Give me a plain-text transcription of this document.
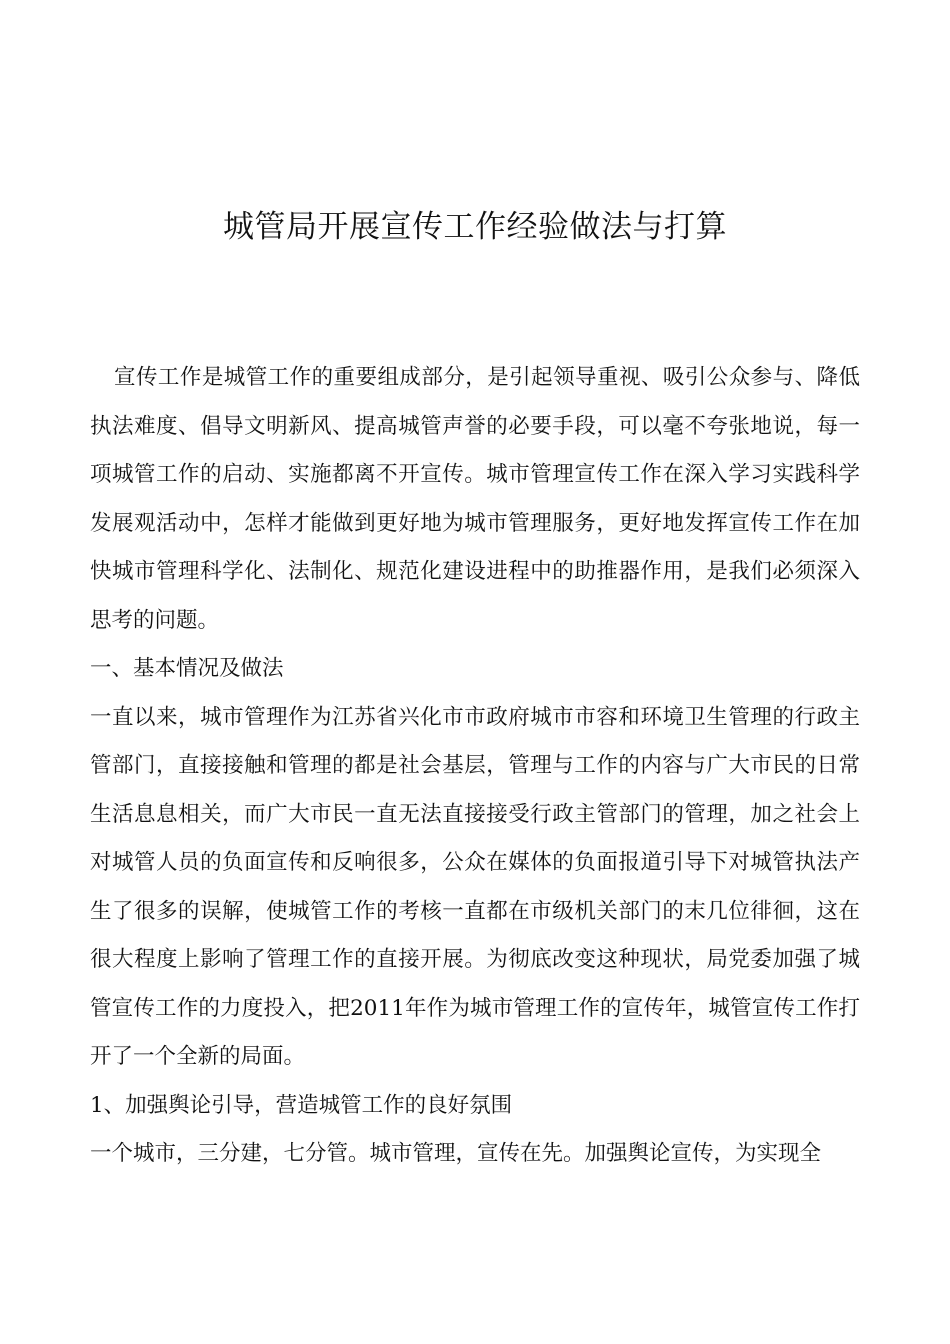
城管局开展宣传工作经验做法与打算

宣传工作是城管工作的重要组成部分，是引起领导重视、吸引公众参与、降低执法难度、倡导文明新风、提高城管声誉的必要手段，可以毫不夸张地说，每一项城管工作的启动、实施都离不开宣传。城市管理宣传工作在深入学习实践科学发展观活动中，怎样才能做到更好地为城市管理服务，更好地发挥宣传工作在加快城市管理科学化、法制化、规范化建设进程中的助推器作用，是我们必须深入思考的问题。

一、基本情况及做法

一直以来，城市管理作为江苏省兴化市市政府城市市容和环境卫生管理的行政主管部门，直接接触和管理的都是社会基层，管理与工作的内容与广大市民的日常生活息息相关，而广大市民一直无法直接接受行政主管部门的管理，加之社会上对城管人员的负面宣传和反响很多，公众在媒体的负面报道引导下对城管执法产生了很多的误解，使城管工作的考核一直都在市级机关部门的末几位徘徊，这在很大程度上影响了管理工作的直接开展。为彻底改变这种现状，局党委加强了城管宣传工作的力度投入，把2011年作为城市管理工作的宣传年，城管宣传工作打开了一个全新的局面。

1、加强舆论引导，营造城管工作的良好氛围

一个城市，三分建，七分管。城市管理，宣传在先。加强舆论宣传，为实现全
